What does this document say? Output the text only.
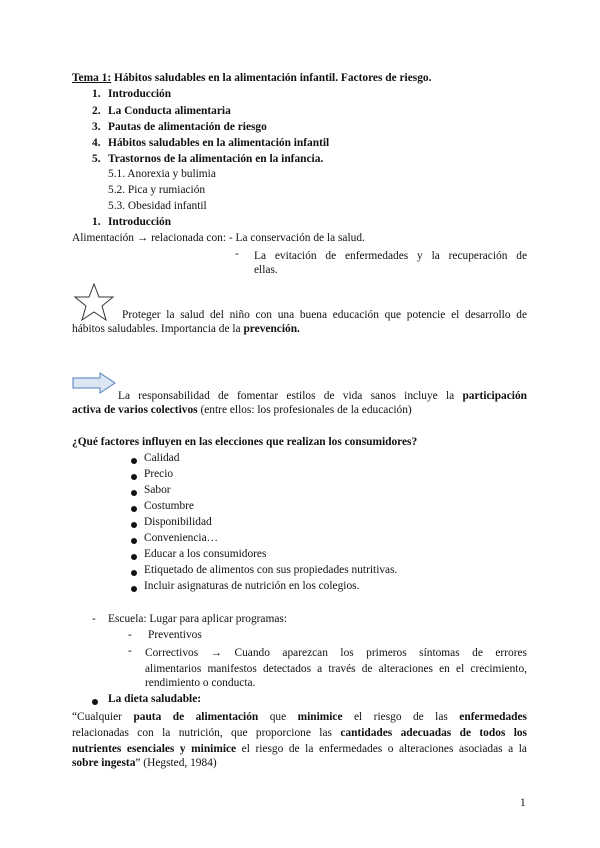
Tema 1: Hábitos saludables en la alimentación infantil. Factores de riesgo.
1. Introducción
2. La Conducta alimentaria
3. Pautas de alimentación de riesgo
4. Hábitos saludables en la alimentación infantil
5. Trastornos de la alimentación en la infancia.
5.1. Anorexia y bulimia
5.2. Pica y rumiación
5.3. Obesidad infantil
1. Introducción
Alimentación → relacionada con: - La conservación de la salud.
- La evitación de enfermedades y la recuperación de
ellas.
Proteger la salud del niño con una buena educación que potencie el desarrollo de
hábitos saludables. Importancia de la prevención.
La responsabilidad de fomentar estilos de vida sanos incluye la participación
activa de varios colectivos (entre ellos: los profesionales de la educación)
¿Qué factores influyen en las elecciones que realizan los consumidores?
Calidad
Precio
Sabor
Costumbre
Disponibilidad
Conveniencia…
Educar a los consumidores
Etiquetado de alimentos con sus propiedades nutritivas.
Incluir asignaturas de nutrición en los colegios.
- Escuela: Lugar para aplicar programas:
- Preventivos
- Correctivos → Cuando aparezcan los primeros síntomas de errores
alimentarios manifestos detectados a través de alteraciones en el crecimiento,
rendimiento o conducta.
La dieta saludable:
“Cualquier pauta de alimentación que minimice el riesgo de las enfermedades
relacionadas con la nutrición, que proporcione las cantidades adecuadas de todos los
nutrientes esenciales y minimice el riesgo de la enfermedades o alteraciones asociadas a la
sobre ingesta” (Hegsted, 1984)
1
